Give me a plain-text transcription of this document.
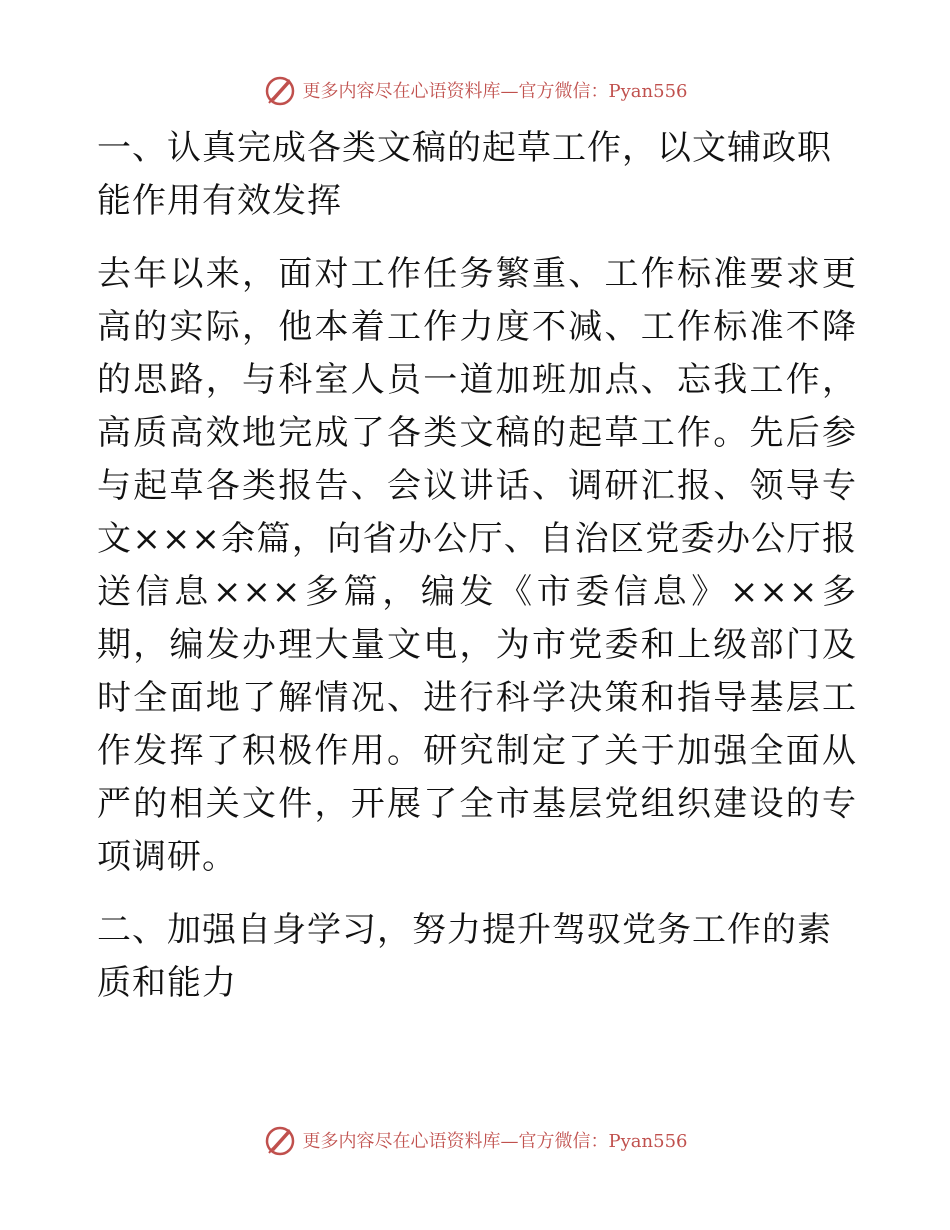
更多内容尽在心语资料库—官方微信：Pyan556

一、认真完成各类文稿的起草工作，以文辅政职能作用有效发挥

去年以来，面对工作任务繁重、工作标准要求更高的实际，他本着工作力度不减、工作标准不降的思路，与科室人员一道加班加点、忘我工作，高质高效地完成了各类文稿的起草工作。先后参与起草各类报告、会议讲话、调研汇报、领导专文×××余篇，向省办公厅、自治区党委办公厅报送信息×××多篇，编发《市委信息》×××多期，编发办理大量文电，为市党委和上级部门及时全面地了解情况、进行科学决策和指导基层工作发挥了积极作用。研究制定了关于加强全面从严的相关文件，开展了全市基层党组织建设的专项调研。

二、加强自身学习，努力提升驾驭党务工作的素质和能力

更多内容尽在心语资料库—官方微信：Pyan556
